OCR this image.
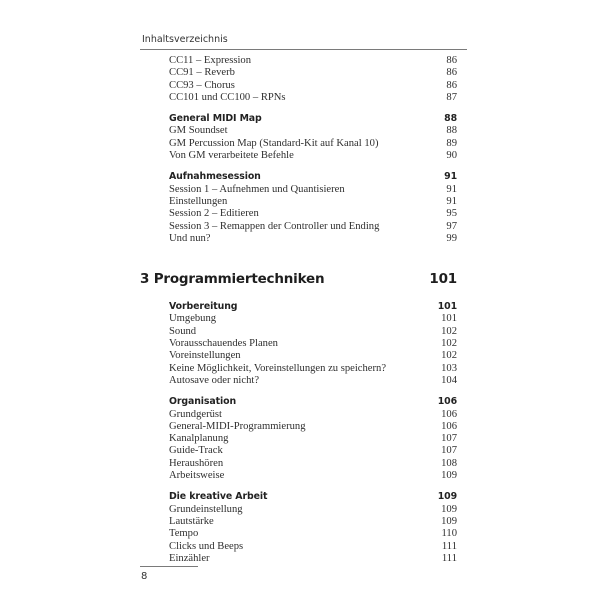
Inhaltsverzeichnis
CC11 – Expression	86
CC91 – Reverb	86
CC93 – Chorus	86
CC101 und CC100 – RPNs	87
General MIDI Map	88
GM Soundset	88
GM Percussion Map (Standard-Kit auf Kanal 10)	89
Von GM verarbeitete Befehle	90
Aufnahmesession	91
Session 1 – Aufnehmen und Quantisieren	91
Einstellungen	91
Session 2 – Editieren	95
Session 3 – Remappen der Controller und Ending	97
Und nun?	99
3 Programmiertechniken	101
Vorbereitung	101
Umgebung	101
Sound	102
Vorausschauendes Planen	102
Voreinstellungen	102
Keine Möglichkeit, Voreinstellungen zu speichern?	103
Autosave oder nicht?	104
Organisation	106
Grundgerüst	106
General-MIDI-Programmierung	106
Kanalplanung	107
Guide-Track	107
Heraushören	108
Arbeitsweise	109
Die kreative Arbeit	109
Grundeinstellung	109
Lautstärke	109
Tempo	110
Clicks und Beeps	111
Einzähler	111
8
